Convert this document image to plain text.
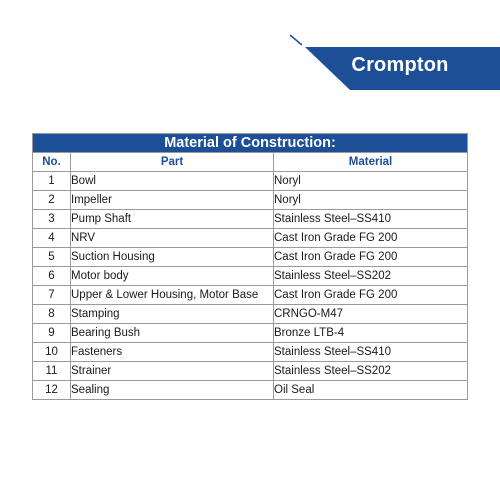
Crompton
Material of Construction:		
No.	Part	Material
1	Bowl	Noryl
2	Impeller	Noryl
3	Pump Shaft	Stainless Steel–SS410
4	NRV	Cast Iron Grade FG 200
5	Suction Housing	Cast Iron Grade FG 200
6	Motor body	Stainless Steel–SS202
7	Upper & Lower Housing, Motor Base	Cast Iron Grade FG 200
8	Stamping	CRNGO-M47
9	Bearing Bush	Bronze LTB-4
10	Fasteners	Stainless Steel–SS410
11	Strainer	Stainless Steel–SS202
12	Sealing	Oil Seal
